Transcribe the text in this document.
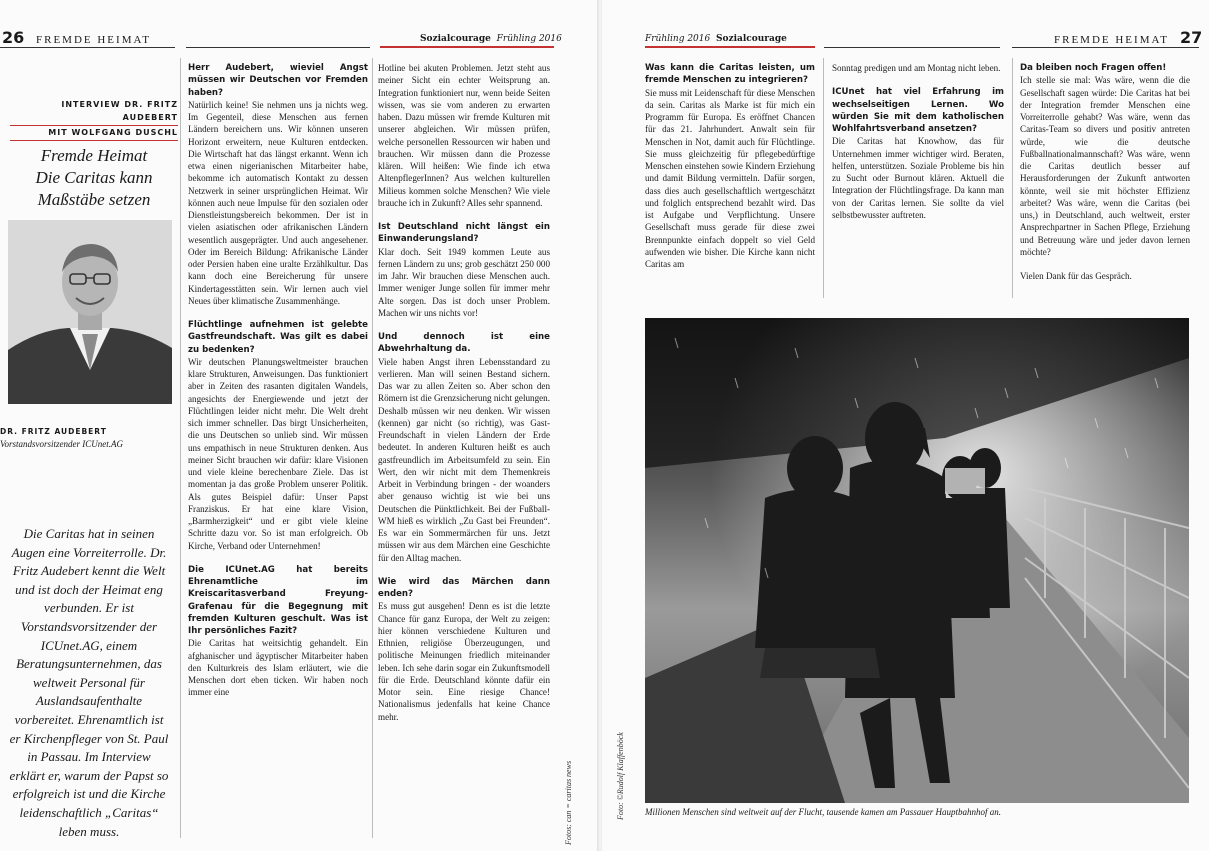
26 FREMDE HEIMAT	Sozialcourage Frühling 2016
INTERVIEW DR. FRITZ AUDEBERT
MIT WOLFGANG DUSCHL
Fremde Heimat
Die Caritas kann
Maßstäbe setzen
DR. FRITZ AUDEBERT
Vorstandsvorsitzender ICUnet.AG
Die Caritas hat in seinen Augen eine Vorreiterrolle. Dr. Fritz Audebert kennt die Welt und ist doch der Heimat eng verbunden. Er ist Vorstandsvorsitzender der ICUnet.AG, einem Beratungsunternehmen, das weltweit Personal für Auslandsaufenthalte vorbereitet. Ehrenamtlich ist er Kirchenpfleger von St. Paul in Passau. Im Interview erklärt er, warum der Papst so erfolgreich ist und die Kirche leidenschaftlich „Caritas“ leben muss.

Herr Audebert, wieviel Angst müssen wir Deutschen vor Fremden haben?

Natürlich keine! Sie nehmen uns ja nichts weg. Im Gegenteil, diese Menschen aus fernen Ländern bereichern uns. Wir können unseren Horizont erweitern, neue Kulturen entdecken. Die Wirtschaft hat das längst erkannt. Wenn ich etwa einen nigerianischen Mitarbeiter habe, bekomme ich automatisch Kontakt zu dessen Netzwerk in seiner ursprünglichen Heimat. Wir können auch neue Impulse für den sozialen oder Dienstleistungsbereich bekommen. Der ist in vielen asiatischen oder afrikanischen Ländern wesentlich ausgeprägter. Und auch angesehener. Oder im Bereich Bildung: Afrikanische Länder oder Persien haben eine uralte Erzählkultur. Das kann doch eine Bereicherung für unsere Kindertagesstätten sein. Wir lernen auch viel Neues über klimatische Zusammenhänge.

Flüchtlinge aufnehmen ist gelebte Gastfreundschaft. Was gilt es dabei zu bedenken?

Wir deutschen Planungsweltmeister brauchen klare Strukturen, Anweisungen. Das funktioniert aber in Zeiten des rasanten digitalen Wandels, angesichts der Energiewende und jetzt der Flüchtlingen leider nicht mehr. Die Welt dreht sich immer schneller. Das birgt Unsicherheiten, die uns Deutschen so unlieb sind. Wir müssen uns empathisch in neue Strukturen denken. Aus meiner Sicht brauchen wir dafür: klare Visionen und viele kleine berechenbare Ziele. Das ist momentan ja das große Problem unserer Politik. Als gutes Beispiel dafür: Unser Papst Franziskus. Er hat eine klare Vision, „Barmherzigkeit“ und er gibt viele kleine Schritte dazu vor. So ist man erfolgreich. Ob Kirche, Verband oder Unternehmen!

Die ICUnet.AG hat bereits Ehrenamtliche im Kreiscaritasverband Freyung-Grafenau für die Begegnung mit fremden Kulturen geschult. Was ist Ihr persönliches Fazit?

Die Caritas hat weitsichtig gehandelt. Ein afghanischer und ägyptischer Mitarbeiter haben den Kulturkreis des Islam erläutert, wie die Menschen dort eben ticken. Wir haben noch immer eine

Hotline bei akuten Problemen. Jetzt steht aus meiner Sicht ein echter Weitsprung an. Integration funktioniert nur, wenn beide Seiten wissen, was sie vom anderen zu erwarten haben. Dazu müssen wir fremde Kulturen mit unserer abgleichen. Wir müssen prüfen, welche personellen Ressourcen wir haben und brauchen. Wir müssen dann die Prozesse klären. Will heißen: Wie finde ich etwa AltenpflegerInnen? Aus welchen kulturellen Milieus kommen solche Menschen? Wie viele brauche ich in Zukunft? Alles sehr spannend.

Ist Deutschland nicht längst ein Einwanderungsland?

Klar doch. Seit 1949 kommen Leute aus fernen Ländern zu uns; grob geschätzt 250 000 im Jahr. Wir brauchen diese Menschen auch. Immer weniger Junge sollen für immer mehr Alte sorgen. Das ist doch unser Problem. Machen wir uns nichts vor!

Und dennoch ist eine Abwehrhaltung da.

Viele haben Angst ihren Lebensstandard zu verlieren. Man will seinen Bestand sichern. Das war zu allen Zeiten so. Aber schon den Römern ist die Grenzsicherung nicht gelungen. Deshalb müssen wir neu denken. Wir wissen (kennen) gar nicht (so richtig), was Gast-Freundschaft in vielen Ländern der Erde bedeutet. In anderen Kulturen heißt es auch gastfreundlich im Arbeitsumfeld zu sein. Ein Wert, den wir nicht mit dem Themenkreis Arbeit in Verbindung bringen - der woanders aber genauso wichtig ist wie bei uns Deutschen die Pünktlichkeit. Bei der Fußball-WM hieß es wirklich „Zu Gast bei Freunden“. Es war ein Sommermärchen für uns. Jetzt müssen wir aus dem Märchen eine Geschichte für den Alltag machen.

Wie wird das Märchen dann enden?

Es muss gut ausgehen! Denn es ist die letzte Chance für ganz Europa, der Welt zu zeigen: hier können verschiedene Kulturen und Ethnien, religiöse Überzeugungen, und politische Meinungen friedlich miteinander leben. Ich sehe darin sogar ein Zukunftsmodell für die Erde. Deutschland könnte dafür ein Motor sein. Eine riesige Chance! Nationalismus jedenfalls hat keine Chance mehr.

Fotos: can = caritas news
Frühling 2016 Sozialcourage	FREMDE HEIMAT 27

Was kann die Caritas leisten, um fremde Menschen zu integrieren?

Sie muss mit Leidenschaft für diese Menschen da sein. Caritas als Marke ist für mich ein Programm für Europa. Es eröffnet Chancen für das 21. Jahrhundert. Anwalt sein für Menschen in Not, damit auch für Flüchtlinge. Sie muss gleichzeitig für pflegebedürftige Menschen einstehen sowie Kindern Erziehung und damit Bildung vermitteln. Dafür sorgen, dass dies auch gesellschaftlich wertgeschätzt und folglich entsprechend bezahlt wird. Das ist Aufgabe und Verpflichtung. Unsere Gesellschaft muss gerade für diese zwei Brennpunkte einfach doppelt so viel Geld aufwenden wie bisher. Die Kirche kann nicht Caritas am

Sonntag predigen und am Montag nicht leben.

ICUnet hat viel Erfahrung im wechselseitigen Lernen. Wo würden Sie mit dem katholischen Wohlfahrtsverband ansetzen?

Die Caritas hat Knowhow, das für Unternehmen immer wichtiger wird. Beraten, helfen, unterstützen. Soziale Probleme bis hin zu Sucht oder Burnout klären. Aktuell die Integration der Flüchtlingsfrage. Da kann man von der Caritas lernen. Sie sollte da viel selbstbewusster auftreten.

Da bleiben noch Fragen offen!

Ich stelle sie mal: Was wäre, wenn die die Gesellschaft sagen würde: Die Caritas hat bei der Integration fremder Menschen eine Vorreiterrolle gehabt? Was wäre, wenn das Caritas-Team so divers und positiv antreten würde, wie die deutsche Fußballnationalmannschaft? Was wäre, wenn die Caritas deutlich besser auf Herausforderungen der Zukunft antworten könnte, weil sie mit höchster Effizienz arbeitet? Was wäre, wenn die Caritas (bei uns,) in Deutschland, auch weltweit, erster Ansprechpartner in Sachen Pflege, Erziehung und Betreuung wäre und jeder davon lernen möchte?

Vielen Dank für das Gespräch.

Foto: ©Rudolf Klaffenböck Millionen Menschen sind weltweit auf der Flucht, tausende kamen am Passauer Hauptbahnhof an.
